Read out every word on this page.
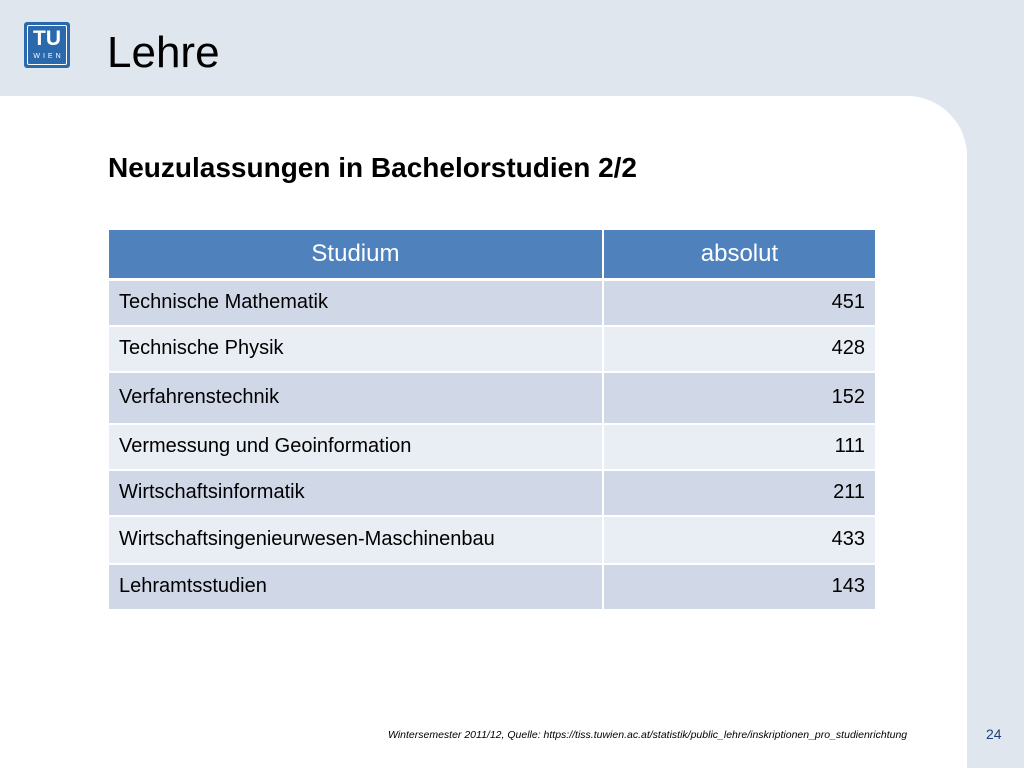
TU
WIEN Lehre
Neuzulassungen in Bachelorstudien 2/2
Studium	absolut
Technische Mathematik	451
Technische Physik	428
Verfahrenstechnik	152
Vermessung und Geoinformation	111
Wirtschaftsinformatik	211
Wirtschaftsingenieurwesen-Maschinenbau	433
Lehramtsstudien	143
Wintersemester 2011/12, Quelle: https://tiss.tuwien.ac.at/statistik/public_lehre/inskriptionen_pro_studienrichtung	24
